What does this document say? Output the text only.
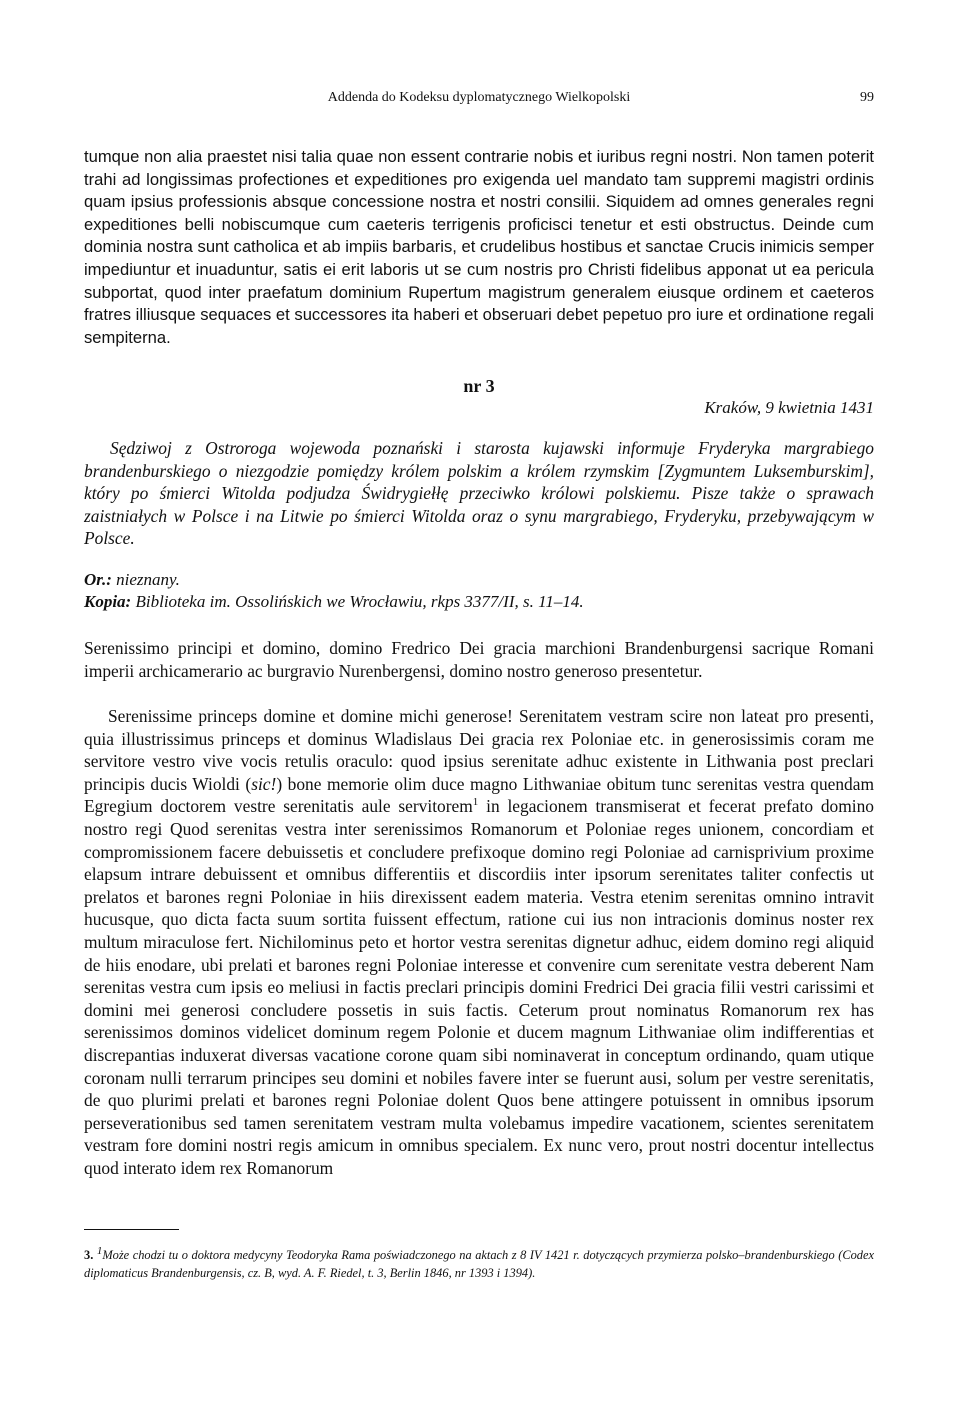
Addenda do Kodeksu dyplomatycznego Wielkopolski	99

tumque non alia praestet nisi talia quae non essent contrarie nobis et iuribus regni nostri. Non tamen poterit trahi ad longissimas profectiones et expeditiones pro exigenda uel mandato tam suppremi magistri ordinis quam ipsius professionis absque concessione nostra et nostri consilii. Siquidem ad omnes generales regni expeditiones belli nobiscumque cum caeteris terrigenis proficisci tenetur et esti obstructus. Deinde cum dominia nostra sunt catholica et ab impiis barbaris, et crudelibus hostibus et sanctae Crucis inimicis semper impediuntur et inuaduntur, satis ei erit laboris ut se cum nostris pro Christi fidelibus apponat ut ea pericula subportat, quod inter praefatum dominium Rupertum magistrum generalem eiusque ordinem et caeteros fratres illiusque sequaces et successores ita haberi et obseruari debet pepetuo pro iure et ordinatione regali sempiterna.

nr 3
Kraków, 9 kwietnia 1431

Sędziwoj z Ostroroga wojewoda poznański i starosta kujawski informuje Fryderyka margrabiego brandenburskiego o niezgodzie pomiędzy królem polskim a królem rzymskim [Zygmuntem Luksemburskim], który po śmierci Witolda podjudza Świdrygiełłę przeciwko królowi polskiemu. Pisze także o sprawach zaistniałych w Polsce i na Litwie po śmierci Witolda oraz o synu margrabiego, Fryderyku, przebywającym w Polsce.

Or.: nieznany.
Kopia: Biblioteka im. Ossolińskich we Wrocławiu, rkps 3377/II, s. 11–14.

Serenissimo principi et domino, domino Fredrico Dei gracia marchioni Brandenburgensi sacrique Romani imperii archicamerario ac burgravio Nurenbergensi, domino nostro generoso presentetur.

Serenissime princeps domine et domine michi generose! Serenitatem vestram scire non lateat pro presenti, quia illustrissimus princeps et dominus Wladislaus Dei gracia rex Poloniae etc. in generosissimis coram me servitore vestro vive vocis retulis oraculo: quod ipsius serenitate adhuc existente in Lithwania post preclari principis ducis Wioldi (sic!) bone memorie olim duce magno Lithwaniae obitum tunc serenitas vestra quendam Egregium doctorem vestre serenitatis aule servitorem$^1$ in legacionem transmiserat et fecerat prefato domino nostro regi Quod serenitas vestra inter serenissimos Romanorum et Poloniae reges unionem, concordiam et compromissionem facere debuissetis et concludere prefixoque domino regi Poloniae ad carnisprivium proxime elapsum intrare debuissent et omnibus differentiis et discordiis inter ipsorum serenitates taliter confectis ut prelatos et barones regni Poloniae in hiis direxissent eadem materia. Vestra etenim serenitas omnino intravit hucusque, quo dicta facta suum sortita fuissent effectum, ratione cui ius non intracionis dominus noster rex multum miraculose fert. Nichilominus peto et hortor vestra serenitas dignetur adhuc, eidem domino regi aliquid de hiis enodare, ubi prelati et barones regni Poloniae interesse et convenire cum serenitate vestra deberent Nam serenitas vestra cum ipsis eo meliusi in factis preclari principis domini Fredrici Dei gracia filii vestri carissimi et domini mei generosi concludere possetis in suis factis. Ceterum prout nominatus Romanorum rex has serenissimos dominos videlicet dominum regem Polonie et ducem magnum Lithwaniae olim indifferentias et discrepantias induxerat diversas vacatione corone quam sibi nominaverat in conceptum ordinando, quam utique coronam nulli terrarum principes seu domini et nobiles favere inter se fuerunt ausi, solum per vestre serenitatis, de quo plurimi prelati et barones regni Poloniae dolent Quos bene attingere potuissent in omnibus ipsorum perseverationibus sed tamen serenitatem vestram multa volebamus impedire vacationem, scientes serenitatem vestram fore domini nostri regis amicum in omnibus specialem. Ex nunc vero, prout nostri docentur intellectus quod interato idem rex Romanorum

3. $^1$Może chodzi tu o doktora medycyny Teodoryka Rama poświadczonego na aktach z 8 IV 1421 r. dotyczących przymierza polsko–brandenburskiego (Codex diplomaticus Brandenburgensis, cz. B, wyd. A. F. Riedel, t. 3, Berlin 1846, nr 1393 i 1394).
